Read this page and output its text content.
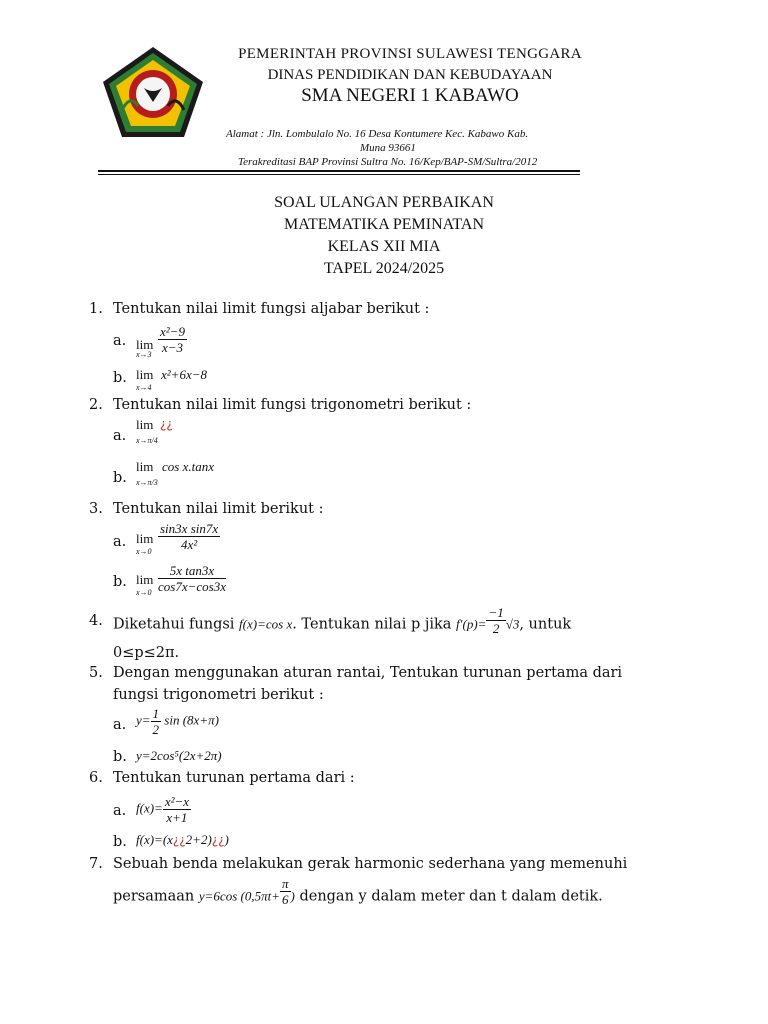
PEMERINTAH PROVINSI SULAWESI TENGGARA
DINAS PENDIDIKAN DAN KEBUDAYAAN
SMA NEGERI 1 KABAWO
Alamat : Jln. Lombulalo No. 16 Desa Kontumere Kec. Kabawo Kab.
Muna 93661
Terakreditasi BAP Provinsi Sultra No. 16/Kep/BAP-SM/Sultra/2012
SOAL ULANGAN PERBAIKAN
MATEMATIKA PEMINATAN
KELAS XII MIA
TAPEL 2024/2025
1. Tentukan nilai limit fungsi aljabar berikut :
a. lim
$x\to 3 \frac{\text{x²−9}}{x-3}$
b. lim
x→4
x²+6x−8
2. Tentukan nilai limit fungsi trigonometri berikut :
a.
lim
x→π/4
¿¿
b.
lim
x→π/3
cos x.tanx
3. Tentukan nilai limit berikut :
a. lim
$x\to 0 \frac{\text{sin3x sin7x}}{\text{4x²}}$
b. lim
$x\to 0 \frac{\text{5x tan3x}}{\cos 7x-\cos 3x}$
4. Diketahui fungsi f(x)=cos x. Tentukan nilai p jika $f'(p)= \frac{-1}{2} √3$, untuk
0≤p≤2π.
5. Dengan menggunakan aturan rantai, Tentukan turunan pertama dari
fungsi trigonometri berikut :
a. $y= \frac{1}{2}$ sin (8x+π)
b. y=2cos⁵(2x+2π)
6. Tentukan turunan pertama dari :
a. $f(x)= \frac{\text{x²−x}}{x+1}$
b. f(x)=(x¿¿2+2)¿¿)
7. Sebuah benda melakukan gerak harmonic sederhana yang memenuhi
persamaan y=6cos ($0,5\pi t+ \frac{\pi}{6}$ ) dengan y dalam meter dan t dalam detik.
